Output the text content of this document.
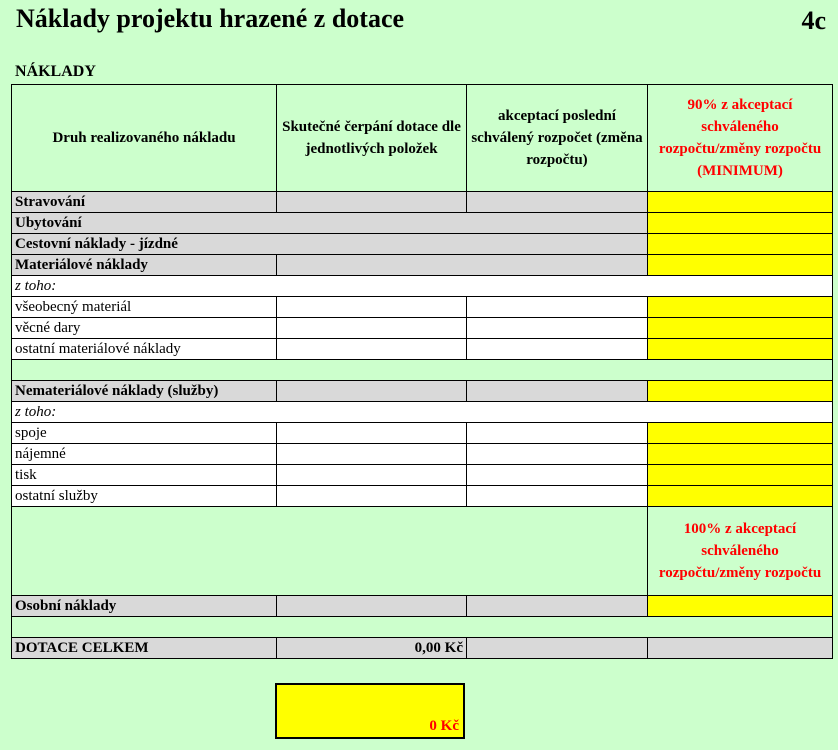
Náklady projektu hrazené z dotace	4c
NÁKLADY
Druh realizovaného nákladu	Skutečné čerpání dotace dle jednotlivých položek	akceptací poslední schválený rozpočet (změna rozpočtu)	90% z akceptací schváleného rozpočtu/změny rozpočtu (MINIMUM)
Stravování			
Ubytování			
Cestovní náklady - jízdné			
Materiálové náklady			
z toho:			
všeobecný materiál			
věcné dary			
ostatní materiálové náklady			

Nemateriálové náklady (služby)			
z toho:			
spoje			
nájemné			
tisk			
ostatní služby			
			100% z akceptací schváleného rozpočtu/změny rozpočtu
Osobní náklady			

DOTACE CELKEM	0,00 Kč		
0 Kč
